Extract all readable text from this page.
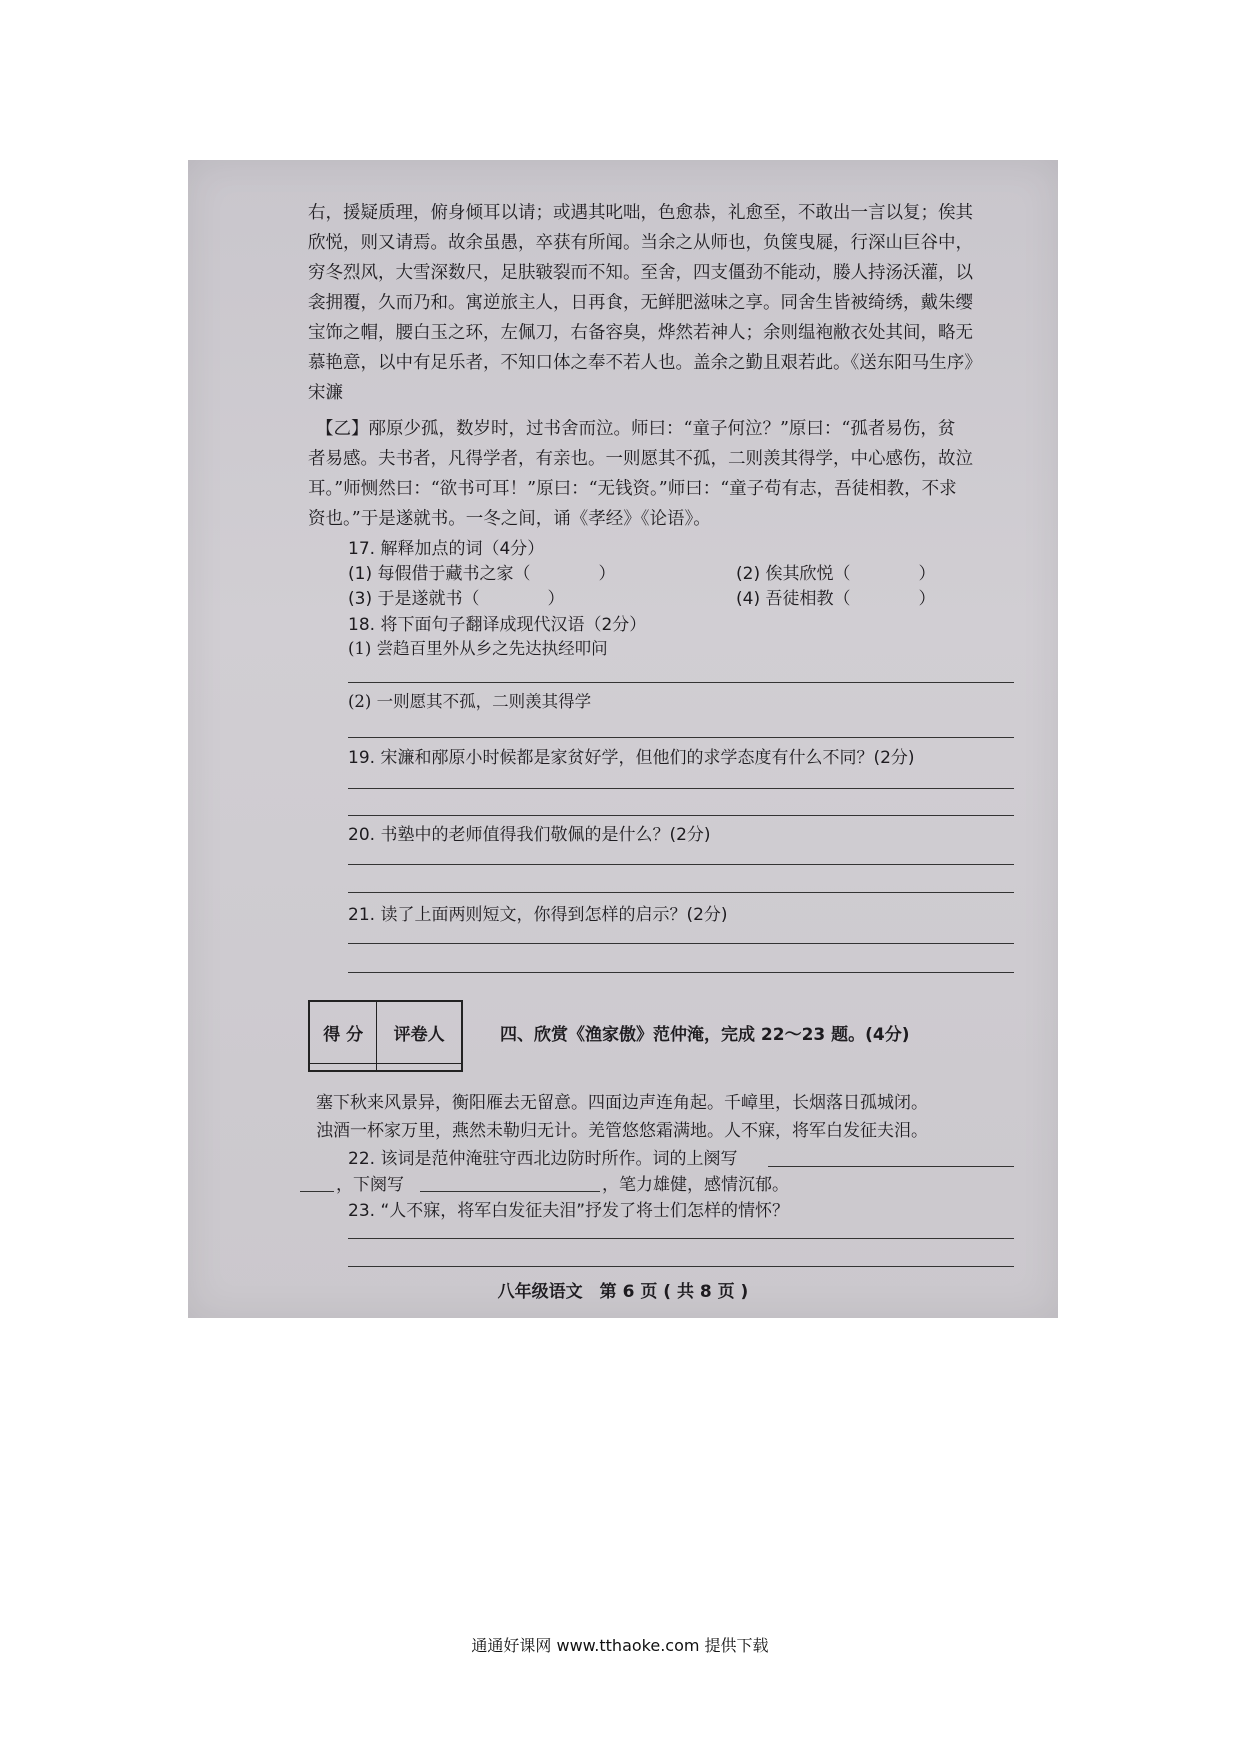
右，援疑质理，俯身倾耳以请；或遇其叱咄，色愈恭，礼愈至，不敢出一言以复；俟其
欣悦，则又请焉。故余虽愚，卒获有所闻。当余之从师也，负箧曳屣，行深山巨谷中，
穷冬烈风，大雪深数尺，足肤皲裂而不知。至舍，四支僵劲不能动，媵人持汤沃灌，以
衾拥覆，久而乃和。寓逆旅主人，日再食，无鲜肥滋味之享。同舍生皆被绮绣，戴朱缨
宝饰之帽，腰白玉之环，左佩刀，右备容臭，烨然若神人；余则缊袍敝衣处其间，略无
慕艳意，以中有足乐者，不知口体之奉不若人也。盖余之勤且艰若此。《送东阳马生序》
宋濂
【乙】邴原少孤，数岁时，过书舍而泣。师曰：“童子何泣？”原曰：“孤者易伤，贫
者易感。夫书者，凡得学者，有亲也。一则愿其不孤，二则羡其得学，中心感伤，故泣
耳。”师恻然曰：“欲书可耳！”原曰：“无钱资。”师曰：“童子苟有志，吾徒相教，不求
资也。”于是遂就书。一冬之间，诵《孝经》《论语》。
17. 解释加点的词（4分）
(1) 每假借于藏书之家（　　　　）	(2) 俟其欣悦（　　　　）
(3) 于是遂就书（　　　　）	(4) 吾徒相教（　　　　）
18. 将下面句子翻译成现代汉语（2分）
(1) 尝趋百里外从乡之先达执经叩问
(2) 一则愿其不孤，二则羡其得学
19. 宋濂和邴原小时候都是家贫好学，但他们的求学态度有什么不同？(2分)
20. 书塾中的老师值得我们敬佩的是什么？(2分)
21. 读了上面两则短文，你得到怎样的启示？(2分)
得 分	评卷人
		四、欣赏《渔家傲》范仲淹，完成 22～23 题。(4分)
塞下秋来风景异，衡阳雁去无留意。四面边声连角起。千嶂里，长烟落日孤城闭。
浊酒一杯家万里，燕然未勒归无计。羌管悠悠霜满地。人不寐，将军白发征夫泪。
22. 该词是范仲淹驻守西北边防时所作。词的上阕写
，下阕写	，笔力雄健，感情沉郁。
23. “人不寐，将军白发征夫泪”抒发了将士们怎样的情怀？
八年级语文　第 6 页 ( 共 8 页 )
通通好课网 www.tthaoke.com 提供下载
